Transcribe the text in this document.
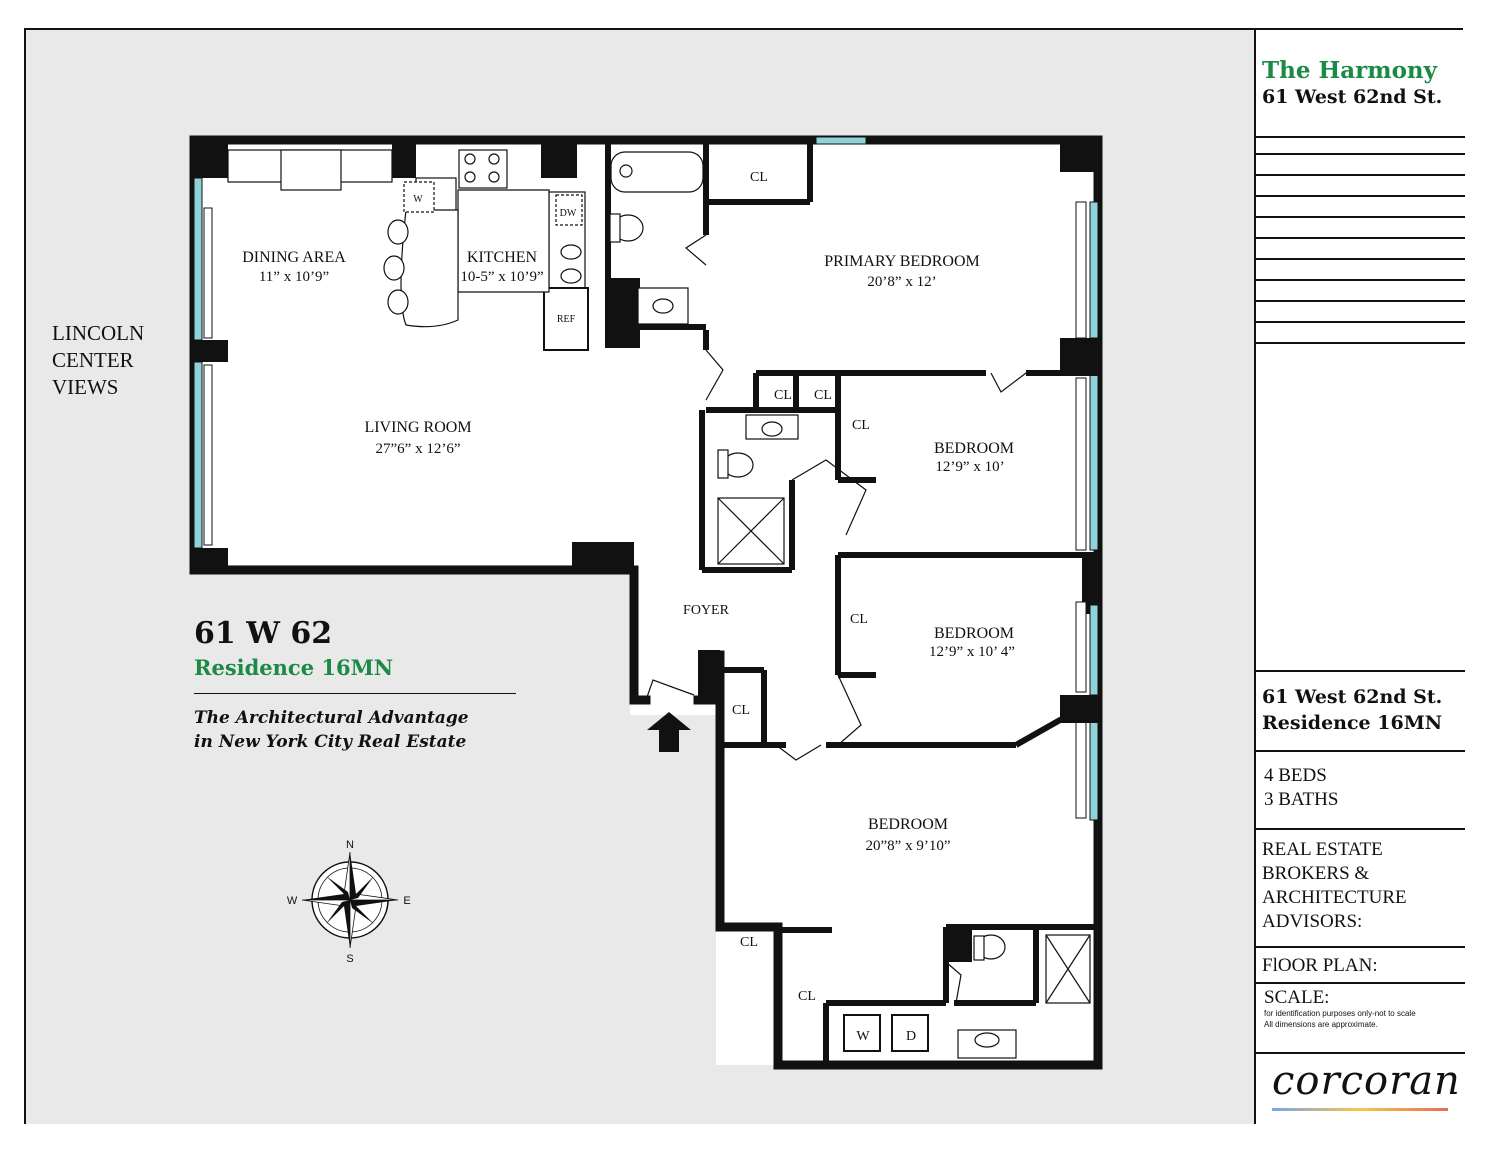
N
S
E
W
DINING AREA
11” x 10’9”
KITCHEN
10-5” x 10’9”
PRIMARY BEDROOM
20’8” x 12’
LIVING ROOM
27”6” x 12’6”	BEDROOM
12’9” x 10’
BEDROOM
12’9” x 10’ 4”
BEDROOM
20”8” x 9’10”
FOYER
CL
CL CL
CL
CL
CL
CL
CL
W
DW
REF
W	D
LINCOLN
CENTER
VIEWS
61 W 62
Residence 16MN
The Architectural Advantage
in New York City Real Estate
The Harmony
61 West 62nd St.
61 West 62nd St.
Residence 16MN
4 BEDS
3 BATHS
REAL ESTATE
BROKERS &
ARCHITECTURE
ADVISORS:
FlOOR PLAN:
SCALE:
for identification purposes only-not to scale
All dimensions are approximate.
corcoran
